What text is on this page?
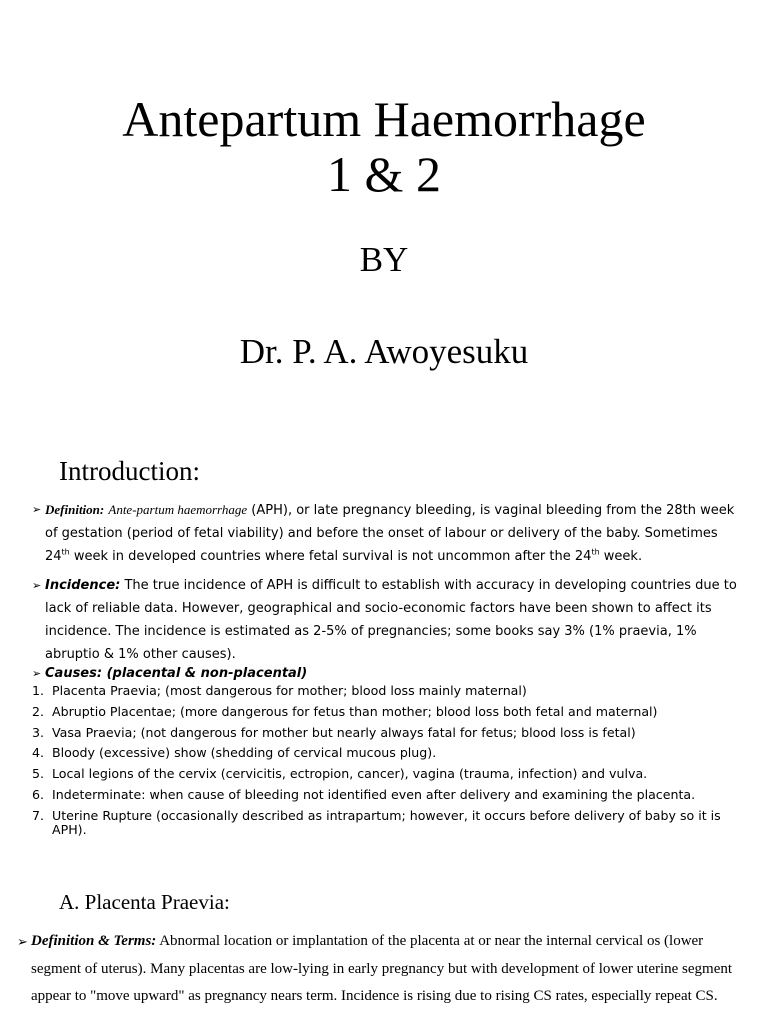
Antepartum Haemorrhage
1 & 2
BY
Dr. P. A. Awoyesuku
Introduction:
➢ Definition: Ante-partum haemorrhage (APH), or late pregnancy bleeding, is vaginal bleeding from the 28th week of gestation (period of fetal viability) and before the onset of labour or delivery of the baby. Sometimes 24th week in developed countries where fetal survival is not uncommon after the 24th week.
➢ Incidence: The true incidence of APH is difficult to establish with accuracy in developing countries due to lack of reliable data. However, geographical and socio-economic factors have been shown to affect its incidence. The incidence is estimated as 2-5% of pregnancies; some books say 3% (1% praevia, 1% abruptio & 1% other causes).
➢ Causes: (placental & non-placental)
1. Placenta Praevia; (most dangerous for mother; blood loss mainly maternal)
2. Abruptio Placentae; (more dangerous for fetus than mother; blood loss both fetal and maternal)
3. Vasa Praevia; (not dangerous for mother but nearly always fatal for fetus; blood loss is fetal)
4. Bloody (excessive) show (shedding of cervical mucous plug).
5. Local legions of the cervix (cervicitis, ectropion, cancer), vagina (trauma, infection) and vulva.
6. Indeterminate: when cause of bleeding not identified even after delivery and examining the placenta.
7. Uterine Rupture (occasionally described as intrapartum; however, it occurs before delivery of baby so it is APH).
A. Placenta Praevia:
➢ Definition & Terms: Abnormal location or implantation of the placenta at or near the internal cervical os (lower segment of uterus). Many placentas are low-lying in early pregnancy but with development of lower uterine segment appear to "move upward" as pregnancy nears term. Incidence is rising due to rising CS rates, especially repeat CS.
